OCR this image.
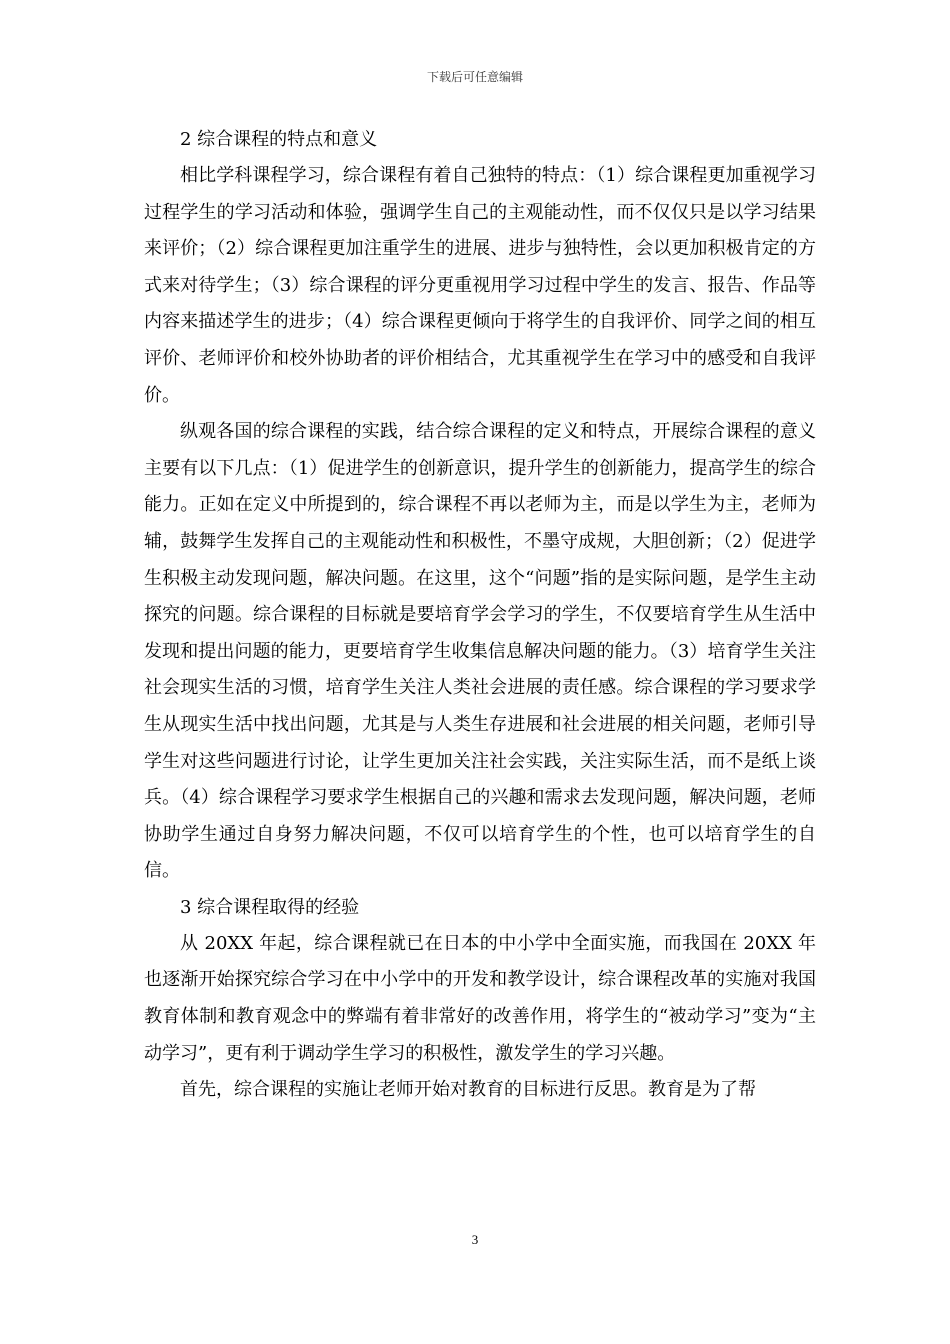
下载后可任意编辑

2 综合课程的特点和意义

相比学科课程学习，综合课程有着自己独特的特点：（1）综合课程更加重视学习过程学生的学习活动和体验，强调学生自己的主观能动性，而不仅仅只是以学习结果来评价；（2）综合课程更加注重学生的进展、进步与独特性，会以更加积极肯定的方式来对待学生；（3）综合课程的评分更重视用学习过程中学生的发言、报告、作品等内容来描述学生的进步；（4）综合课程更倾向于将学生的自我评价、同学之间的相互评价、老师评价和校外协助者的评价相结合，尤其重视学生在学习中的感受和自我评价。

纵观各国的综合课程的实践，结合综合课程的定义和特点，开展综合课程的意义主要有以下几点：（1）促进学生的创新意识，提升学生的创新能力，提高学生的综合能力。正如在定义中所提到的，综合课程不再以老师为主，而是以学生为主，老师为辅，鼓舞学生发挥自己的主观能动性和积极性，不墨守成规，大胆创新；（2）促进学生积极主动发现问题，解决问题。在这里，这个“问题”指的是实际问题，是学生主动探究的问题。综合课程的目标就是要培育学会学习的学生，不仅要培育学生从生活中发现和提出问题的能力，更要培育学生收集信息解决问题的能力。（3）培育学生关注社会现实生活的习惯，培育学生关注人类社会进展的责任感。综合课程的学习要求学生从现实生活中找出问题，尤其是与人类生存进展和社会进展的相关问题，老师引导学生对这些问题进行讨论，让学生更加关注社会实践，关注实际生活，而不是纸上谈兵。（4）综合课程学习要求学生根据自己的兴趣和需求去发现问题，解决问题，老师协助学生通过自身努力解决问题，不仅可以培育学生的个性，也可以培育学生的自信。

3 综合课程取得的经验

从 20XX 年起，综合课程就已在日本的中小学中全面实施，而我国在 20XX 年也逐渐开始探究综合学习在中小学中的开发和教学设计，综合课程改革的实施对我国教育体制和教育观念中的弊端有着非常好的改善作用，将学生的“被动学习”变为“主动学习”，更有利于调动学生学习的积极性，激发学生的学习兴趣。

首先，综合课程的实施让老师开始对教育的目标进行反思。教育是为了帮

3
